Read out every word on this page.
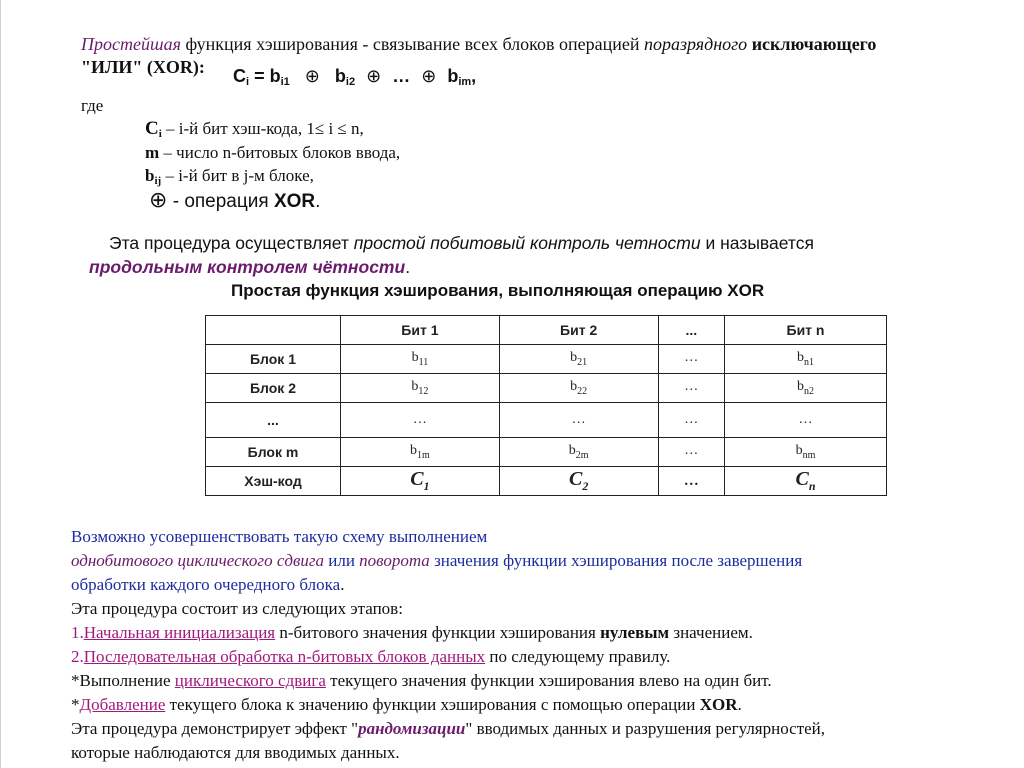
Простейшая функция хэширования - связывание всех блоков операцией поразрядного исключающего
"ИЛИ" (XOR): Ci = bi1 ⊕ bi2 ⊕ … ⊕ bim,
где
Ci – i-й бит хэш-кода, 1≤ i ≤ n,
m – число n-битовых блоков ввода,
bij – i-й бит в j-м блоке,
⊕ - операция XOR.
Эта процедура осуществляет простой побитовый контроль четности и называется
продольным контролем чётности.
Простая функция хэширования, выполняющая операцию XOR
	Бит 1	Бит 2	...	Бит n
Блок 1	$b_{11}$	$b_{21}$	…	$b_{n1}$
Блок 2	$b_{12}$	$b_{22}$	…	$b_{n2}$
...	…	…	…	…
Блок m	$b_{1m}$	$b_{2m}$	…	$b_{nm}$
Хэш-код	$C_1$	$C_2$	…	$C_n$
Возможно усовершенствовать такую схему выполнением
однобитового циклического сдвига или поворота значения функции хэширования после завершения
обработки каждого очередного блока.
Эта процедура состоит из следующих этапов:
1.Начальная инициализация n-битового значения функции хэширования нулевым значением.
2.Последовательная обработка n-битовых блоков данных по следующему правилу.
*Выполнение циклического сдвига текущего значения функции хэширования влево на один бит.
*Добавление текущего блока к значению функции хэширования с помощью операции XOR.
Эта процедура демонстрирует эффект "рандомизации" вводимых данных и разрушения регулярностей,
которые наблюдаются для вводимых данных.
